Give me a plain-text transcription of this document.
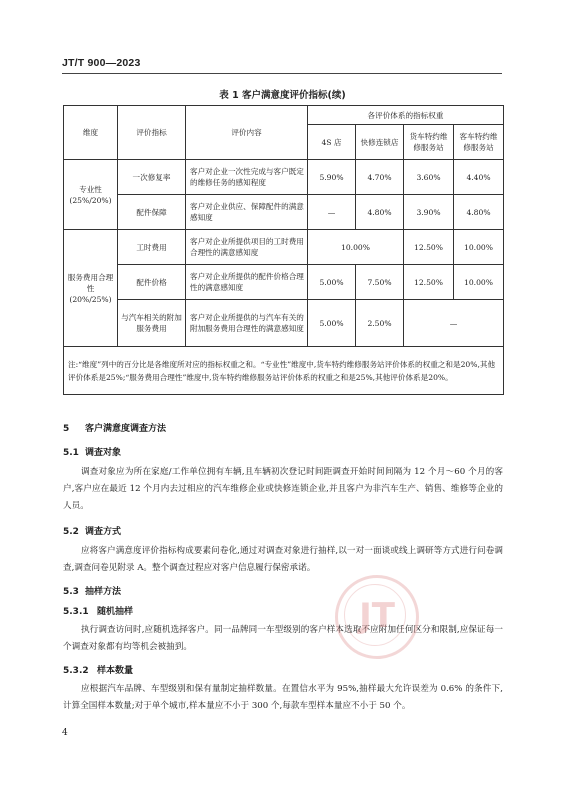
JT/T 900—2023
表 1 客户满意度评价指标(续)
维度	评价指标	评价内容	各评价体系的指标权重			
			4S 店	快修连锁店	货车特约维修服务站	客车特约维修服务站
专业性(25%/20%)	一次修复率	客户对企业一次性完成与客户既定的维修任务的感知程度	5.90%	4.70%	3.60%	4.40%
	配件保障	客户对企业供应、保障配件的满意感知度	—	4.80%	3.90%	4.80%
服务费用合理性(20%/25%)	工时费用	客户对企业所提供项目的工时费用合理性的满意感知度	10.00%		12.50%	10.00%
	配件价格	客户对企业所提供的配件价格合理性的满意感知度	5.00%	7.50%	12.50%	10.00%
	与汽车相关的附加服务费用	客户对企业所提供的与汽车有关的附加服务费用合理性的满意感知度	5.00%	2.50%	—	
注:“维度”列中的百分比是各维度所对应的指标权重之和。“专业性”维度中,货车特约维修服务站评价体系的权重之和是20%,其他评价体系是25%;“服务费用合理性”维度中,货车特约维修服务站评价体系的权重之和是25%,其他评价体系是20%。						
5 客户满意度调查方法
5.1 调查对象
调查对象应为所在家庭/工作单位拥有车辆,且车辆初次登记时间距调查开始时间间隔为 12 个月～60 个月的客户,客户应在最近 12 个月内去过相应的汽车维修企业或快修连锁企业,并且客户为非汽车生产、销售、维修等企业的人员。
5.2 调查方式
应将客户满意度评价指标构成要素问卷化,通过对调查对象进行抽样,以一对一面谈或线上调研等方式进行问卷调查,调查问卷见附录 A。整个调查过程应对客户信息履行保密承诺。
5.3 抽样方法
5.3.1 随机抽样
执行调查访问时,应随机选择客户。同一品牌同一车型级别的客户样本选取不应附加任何区分和限制,应保证每一个调查对象都有均等机会被抽到。
5.3.2 样本数量
应根据汽车品牌、车型级别和保有量制定抽样数量。在置信水平为 95%,抽样最大允许误差为 0.6% 的条件下,计算全国样本数量;对于单个城市,样本量应不小于 300 个,每款车型样本量应不小于 50 个。
JT
4
